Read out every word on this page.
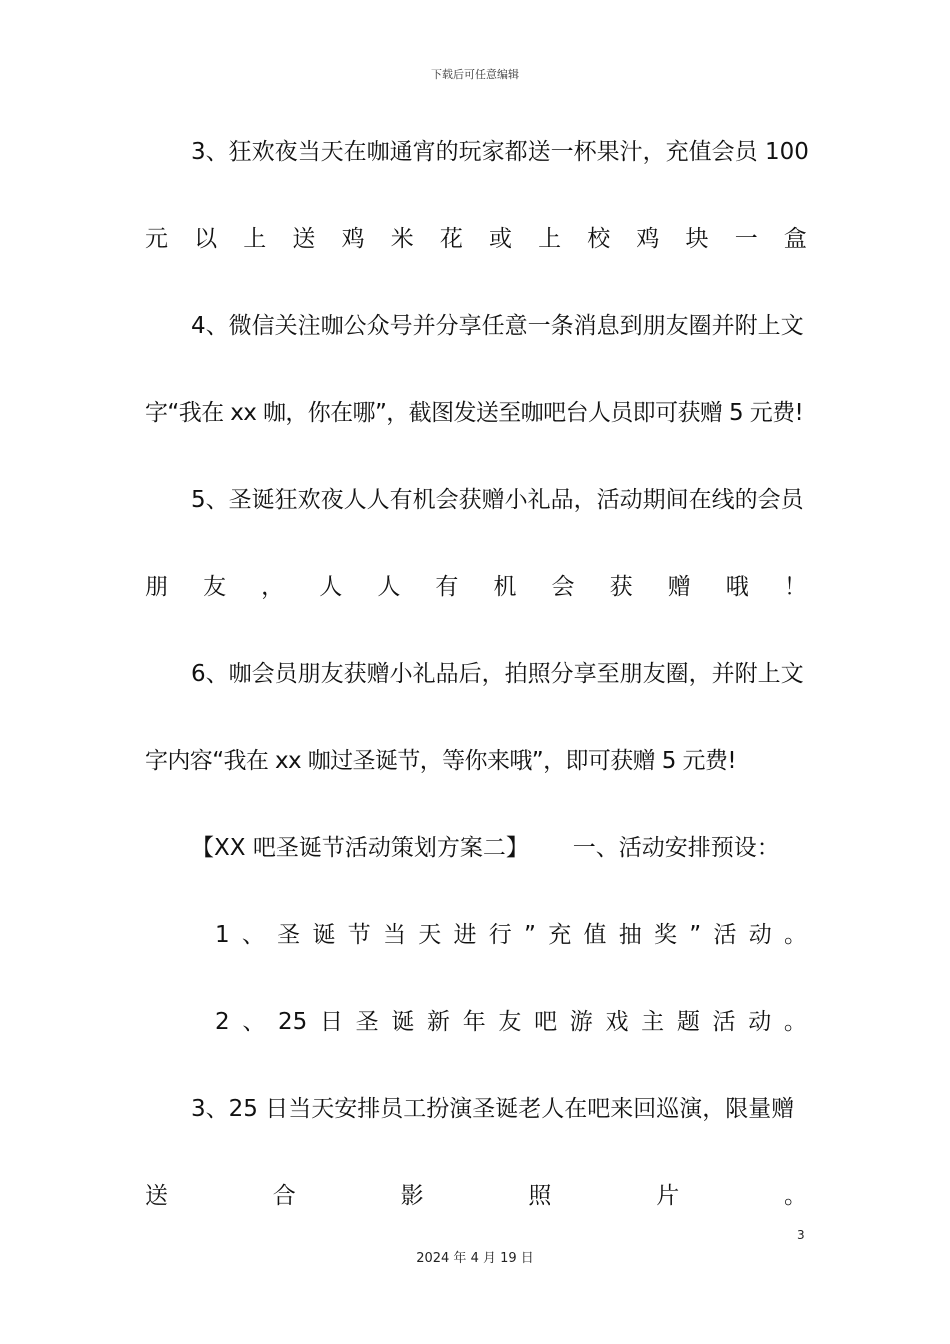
下载后可任意编辑
3、狂欢夜当天在咖通宵的玩家都送一杯果汁，充值会员 100
元 以 上 送 鸡 米 花 或 上 校 鸡 块 一 盒
4、微信关注咖公众号并分享任意一条消息到朋友圈并附上文
字“我在 xx 咖，你在哪”，截图发送至咖吧台人员即可获赠 5 元费!
5、圣诞狂欢夜人人有机会获赠小礼品，活动期间在线的会员
朋 友 ， 人 人 有 机 会 获 赠 哦 ！
6、咖会员朋友获赠小礼品后，拍照分享至朋友圈，并附上文
字内容“我在 xx 咖过圣诞节，等你来哦”，即可获赠 5 元费!
【XX 吧圣诞节活动策划方案二】      一、活动安排预设：
1 、 圣 诞 节 当 天 进 行 ” 充 值 抽 奖 ” 活 动 。
2 、 25 日 圣 诞 新 年 友 吧 游 戏 主 题 活 动 。
3、25 日当天安排员工扮演圣诞老人在吧来回巡演，限量赠
送	合	影	照	片	。
3
2024 年 4 月 19 日
